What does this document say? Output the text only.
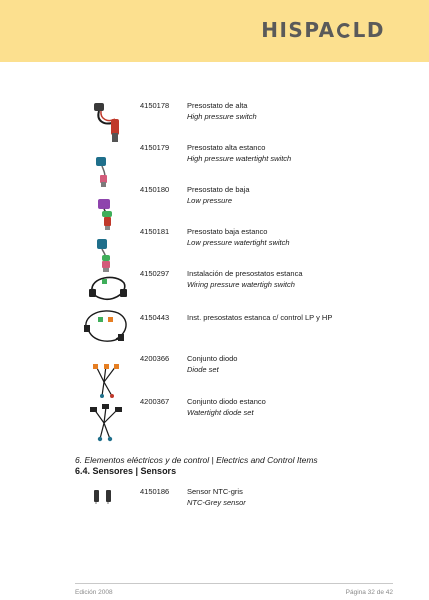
HISPA LD
4150178 Presostato de alta
High pressure switch
4150179 Presostato alta estanco
High pressure watertight switch
4150180 Presostato de baja
Low pressure
4150181 Presostato baja estanco
Low pressure watertight switch
4150297 Instalación de presostatos estanca
Wiring pressure watertigh switch
4150443 Inst. presostatos estanca c/ control LP y HP
4200366 Conjunto diodo
Diode set
4200367 Conjunto diodo estanco
Watertight diode set
6. Elementos eléctricos y de control | Electrics and Control Items
6.4. Sensores | Sensors
4150186 Sensor NTC-gris
NTC-Grey sensor
Edición 2008	Página 32 de 42
